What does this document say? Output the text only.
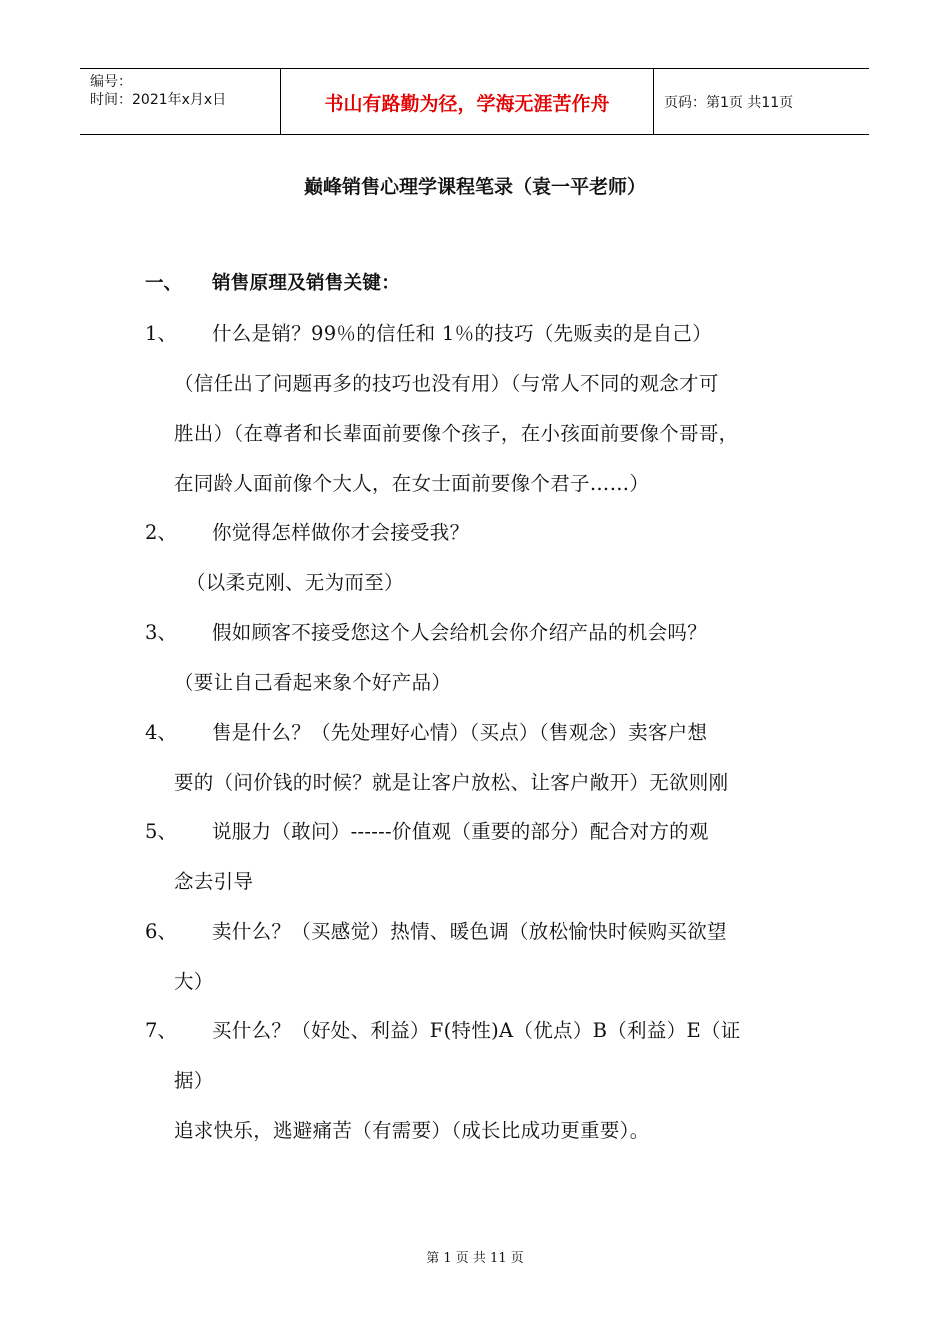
编号：
时间：2021年x月x日	书山有路勤为径，学海无涯苦作舟	页码：第1页 共11页
巅峰销售心理学课程笔录（袁一平老师）
一、 销售原理及销售关键：
1、 什么是销？99％的信任和 1％的技巧（先贩卖的是自己）
（信任出了问题再多的技巧也没有用）（与常人不同的观念才可
胜出）（在尊者和长辈面前要像个孩子，在小孩面前要像个哥哥，
在同龄人面前像个大人，在女士面前要像个君子……）
2、 你觉得怎样做你才会接受我？
（以柔克刚、无为而至）
3、 假如顾客不接受您这个人会给机会你介绍产品的机会吗？
（要让自己看起来象个好产品）
4、 售是什么？（先处理好心情）（买点）（售观念）卖客户想
要的（问价钱的时候？就是让客户放松、让客户敞开）无欲则刚
5、 说服力（敢问）------价值观（重要的部分）配合对方的观
念去引导
6、 卖什么？（买感觉）热情、暖色调（放松愉快时候购买欲望
大）
7、 买什么？（好处、利益）F(特性)A（优点）B（利益）E（证
据）
追求快乐，逃避痛苦（有需要）（成长比成功更重要）。
第 1 页 共 11 页
